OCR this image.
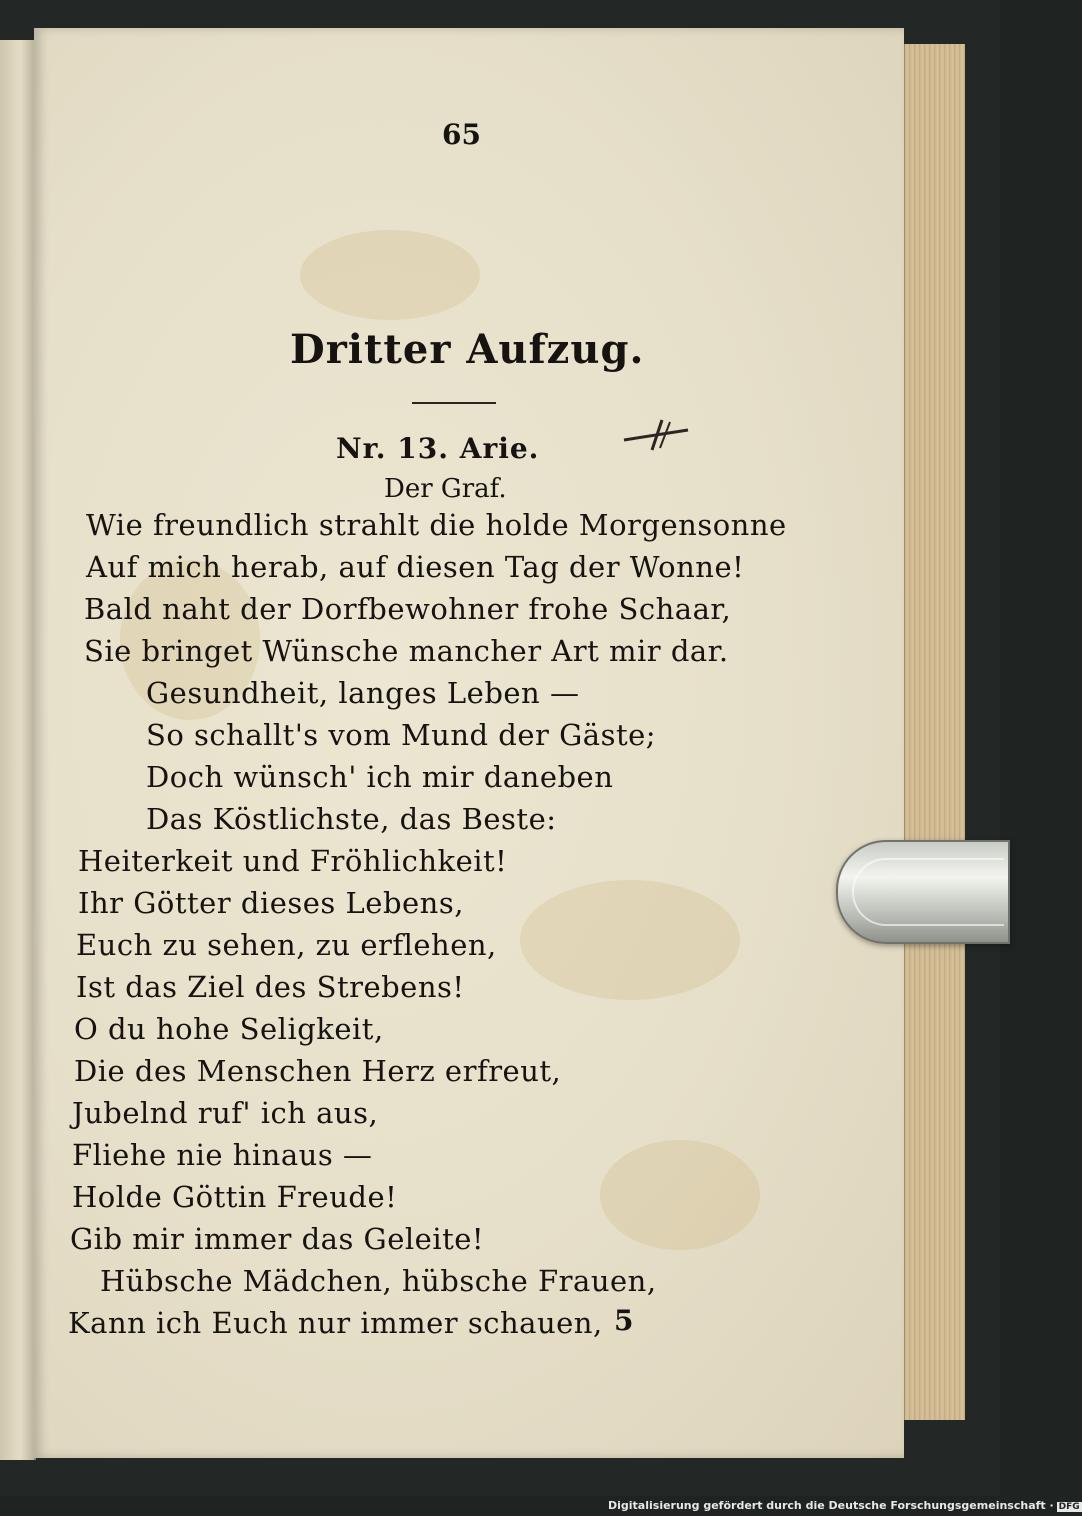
65
Dritter Aufzug.
Nr. 13. Arie.
Der Graf.
Wie freundlich strahlt die holde Morgensonne
Auf mich herab, auf diesen Tag der Wonne!
Bald naht der Dorfbewohner frohe Schaar,
Sie bringet Wünsche mancher Art mir dar.
Gesundheit, langes Leben —
So schallt's vom Mund der Gäste;
Doch wünsch' ich mir daneben
Das Köstlichste, das Beste:
Heiterkeit und Fröhlichkeit!
Ihr Götter dieses Lebens,
Euch zu sehen, zu erflehen,
Ist das Ziel des Strebens!
O du hohe Seligkeit,
Die des Menschen Herz erfreut,
Jubelnd ruf' ich aus,
Fliehe nie hinaus —
Holde Göttin Freude!
Gib mir immer das Geleite!
Hübsche Mädchen, hübsche Frauen,
Kann ich Euch nur immer schauen, 5
Digitalisierung gefördert durch die Deutsche Forschungsgemeinschaft · DFG
